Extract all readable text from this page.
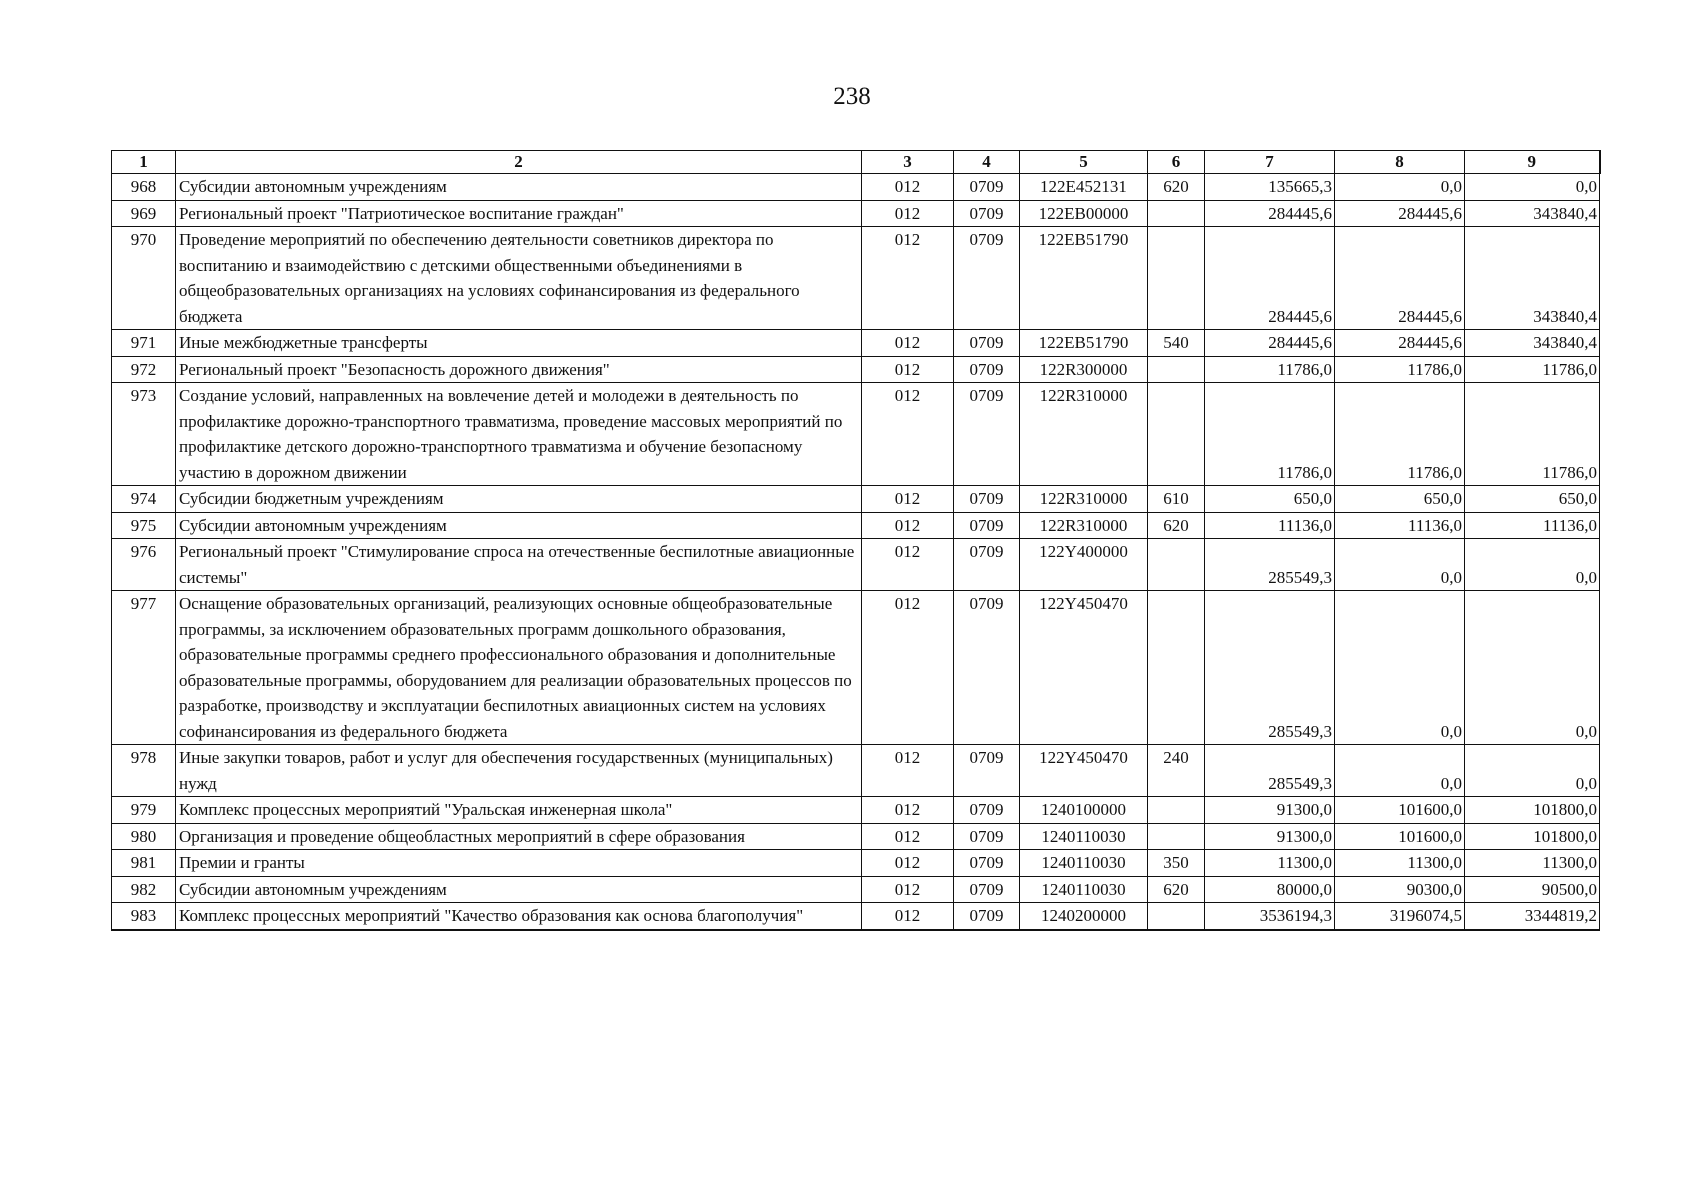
238
1	2	3	4	5	6	7	8	9
968	Субсидии автономным учреждениям	012	0709	122E452131	620	135665,3	0,0	0,0
969	Региональный проект "Патриотическое воспитание граждан"	012	0709	122EB00000		284445,6	284445,6	343840,4
970	Проведение мероприятий по обеспечению деятельности советников директора по воспитанию и взаимодействию с детскими общественными объединениями в общеобразовательных организациях на условиях софинансирования из федерального бюджета	012	0709	122EB51790		284445,6	284445,6	343840,4
971	Иные межбюджетные трансферты	012	0709	122EB51790	540	284445,6	284445,6	343840,4
972	Региональный проект "Безопасность дорожного движения"	012	0709	122R300000		11786,0	11786,0	11786,0
973	Создание условий, направленных на вовлечение детей и молодежи в деятельность по профилактике дорожно-транспортного травматизма, проведение массовых мероприятий по профилактике детского дорожно-транспортного травматизма и обучение безопасному участию в дорожном движении	012	0709	122R310000		11786,0	11786,0	11786,0
974	Субсидии бюджетным учреждениям	012	0709	122R310000	610	650,0	650,0	650,0
975	Субсидии автономным учреждениям	012	0709	122R310000	620	11136,0	11136,0	11136,0
976	Региональный проект "Стимулирование спроса на отечественные беспилотные авиационные системы"	012	0709	122Y400000		285549,3	0,0	0,0
977	Оснащение образовательных организаций, реализующих основные общеобразовательные программы, за исключением образовательных программ дошкольного образования, образовательные программы среднего профессионального образования и дополнительные образовательные программы, оборудованием для реализации образовательных процессов по разработке, производству и эксплуатации беспилотных авиационных систем на условиях софинансирования из федерального бюджета	012	0709	122Y450470		285549,3	0,0	0,0
978	Иные закупки товаров, работ и услуг для обеспечения государственных (муниципальных) нужд	012	0709	122Y450470	240	285549,3	0,0	0,0
979	Комплекс процессных мероприятий "Уральская инженерная школа"	012	0709	1240100000		91300,0	101600,0	101800,0
980	Организация и проведение общеобластных мероприятий в сфере образования	012	0709	1240110030		91300,0	101600,0	101800,0
981	Премии и гранты	012	0709	1240110030	350	11300,0	11300,0	11300,0
982	Субсидии автономным учреждениям	012	0709	1240110030	620	80000,0	90300,0	90500,0
983	Комплекс процессных мероприятий "Качество образования как основа благополучия"	012	0709	1240200000		3536194,3	3196074,5	3344819,2
